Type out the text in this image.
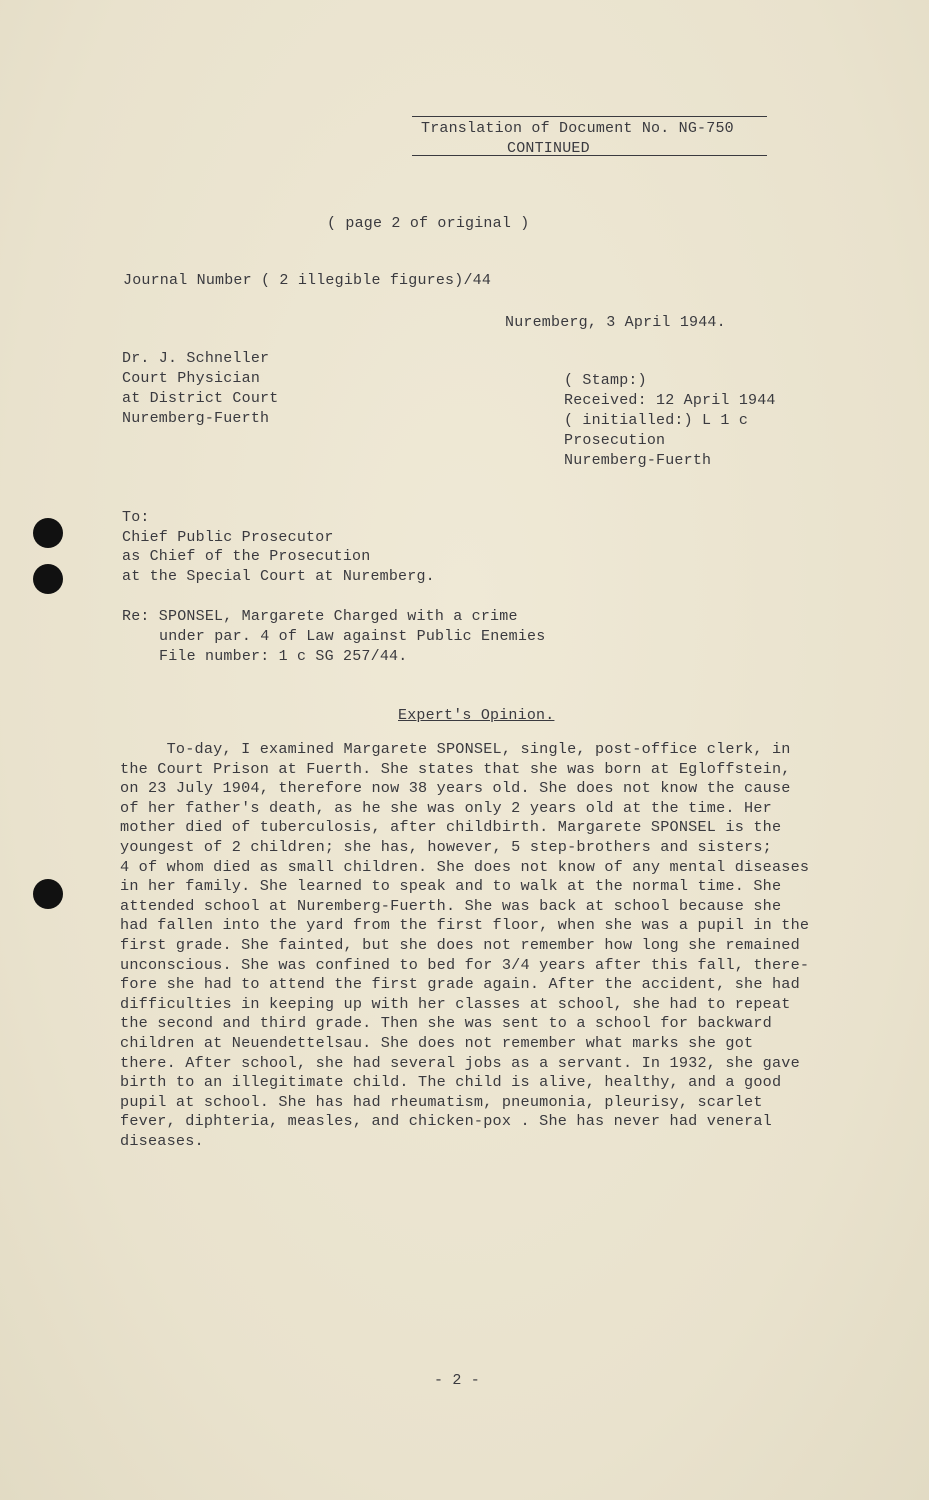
Translation of Document No. NG-750
CONTINUED
( page 2 of original )
Journal Number ( 2 illegible figures)/44
Nuremberg, 3 April 1944.
Dr. J. Schneller
Court Physician
at District Court
Nuremberg-Fuerth
( Stamp:)
Received: 12 April 1944
( initialled:) L 1 c
Prosecution
Nuremberg-Fuerth
To:
Chief Public Prosecutor
as Chief of the Prosecution
at the Special Court at Nuremberg.
Re: SPONSEL, Margarete Charged with a crime
under par. 4 of Law against Public Enemies
File number: 1 c SG 257/44.
Expert's Opinion.
To-day, I examined Margarete SPONSEL, single, post-office clerk, in
the Court Prison at Fuerth. She states that she was born at Egloffstein,
on 23 July 1904, therefore now 38 years old. She does not know the cause
of her father's death, as he she was only 2 years old at the time. Her
mother died of tuberculosis, after childbirth. Margarete SPONSEL is the
youngest of 2 children; she has, however, 5 step-brothers and sisters;
4 of whom died as small children. She does not know of any mental diseases
in her family. She learned to speak and to walk at the normal time. She
attended school at Nuremberg-Fuerth. She was back at school because she
had fallen into the yard from the first floor, when she was a pupil in the
first grade. She fainted, but she does not remember how long she remained
unconscious. She was confined to bed for 3/4 years after this fall, there-
fore she had to attend the first grade again. After the accident, she had
difficulties in keeping up with her classes at school, she had to repeat
the second and third grade. Then she was sent to a school for backward
children at Neuendettelsau. She does not remember what marks she got
there. After school, she had several jobs as a servant. In 1932, she gave
birth to an illegitimate child. The child is alive, healthy, and a good
pupil at school. She has had rheumatism, pneumonia, pleurisy, scarlet
fever, diphteria, measles, and chicken-pox . She has never had veneral
diseases.
- 2 -
